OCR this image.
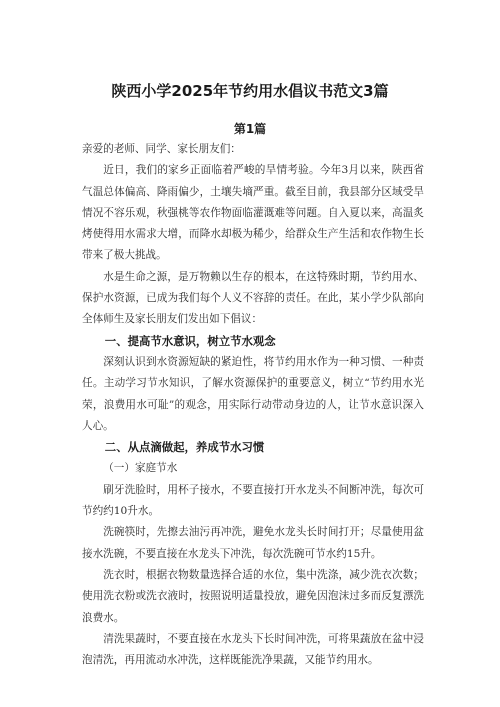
陕西小学2025年节约用水倡议书范文3篇
第1篇

亲爱的老师、同学、家长朋友们：

近日，我们的家乡正面临着严峻的旱情考验。今年3月以来，陕西省气温总体偏高、降雨偏少，土壤失墒严重。截至目前，我县部分区域受旱情况不容乐观，秋强桃等农作物面临灌溉难等问题。自入夏以来，高温炙烤使得用水需求大增，而降水却极为稀少，给群众生产生活和农作物生长带来了极大挑战。

水是生命之源，是万物赖以生存的根本，在这特殊时期，节约用水、保护水资源，已成为我们每个人义不容辞的责任。在此，某小学少队部向全体师生及家长朋友们发出如下倡议：

一、提高节水意识，树立节水观念

深刻认识到水资源短缺的紧迫性，将节约用水作为一种习惯、一种责任。主动学习节水知识，了解水资源保护的重要意义，树立“节约用水光荣，浪费用水可耻”的观念，用实际行动带动身边的人，让节水意识深入人心。

二、从点滴做起，养成节水习惯

（一）家庭节水

刷牙洗脸时，用杯子接水，不要直接打开水龙头不间断冲洗，每次可节约约10升水。

洗碗筷时，先擦去油污再冲洗，避免水龙头长时间打开；尽量使用盆接水洗碗，不要直接在水龙头下冲洗，每次洗碗可节水约15升。

洗衣时，根据衣物数量选择合适的水位，集中洗涤，减少洗衣次数；使用洗衣粉或洗衣液时，按照说明适量投放，避免因泡沫过多而反复漂洗浪费水。

清洗果蔬时，不要直接在水龙头下长时间冲洗，可将果蔬放在盆中浸泡清洗，再用流动水冲洗，这样既能洗净果蔬，又能节约用水。
